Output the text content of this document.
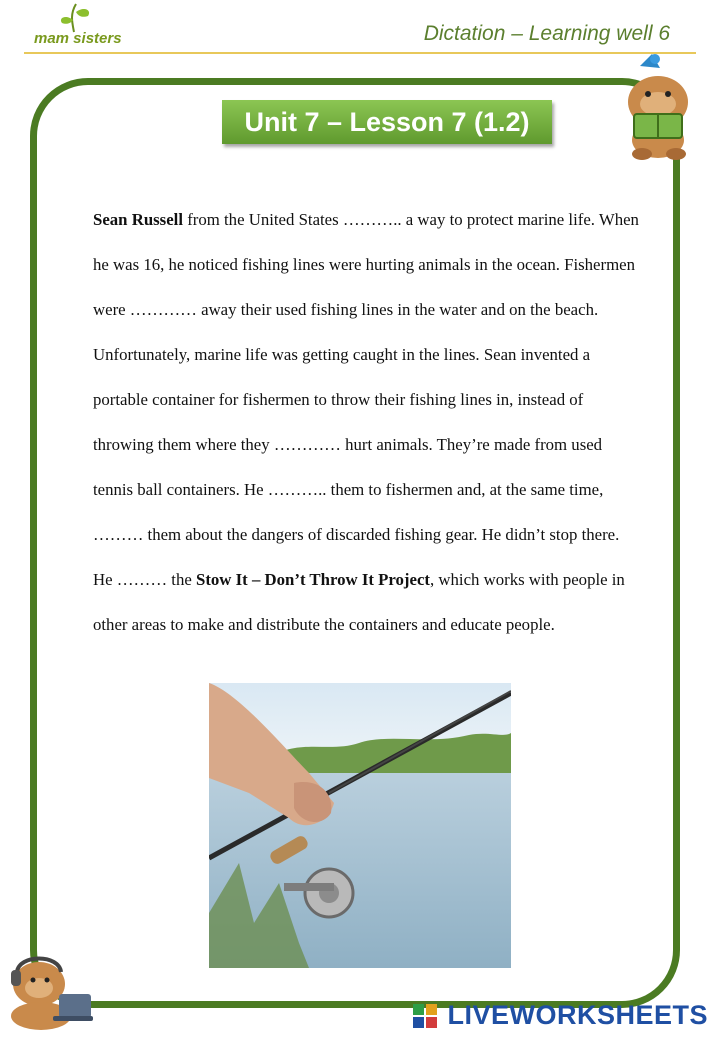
mam sisters	Dictation – Learning well 6
Unit 7 – Lesson 7 (1.2)

Sean Russell from the United States ……….. a way to protect marine life. When he was 16, he noticed fishing lines were hurting animals in the ocean. Fishermen were ………… away their used fishing lines in the water and on the beach. Unfortunately, marine life was getting caught in the lines. Sean invented a portable container for fishermen to throw their fishing lines in, instead of throwing them where they ………… hurt animals. They’re made from used tennis ball containers. He ……….. them to fishermen and, at the same time, ……… them about the dangers of discarded fishing gear. He didn’t stop there. He ……… the Stow It – Don’t Throw It Project, which works with people in other areas to make and distribute the containers and educate people.

LIVEWORKSHEETS
